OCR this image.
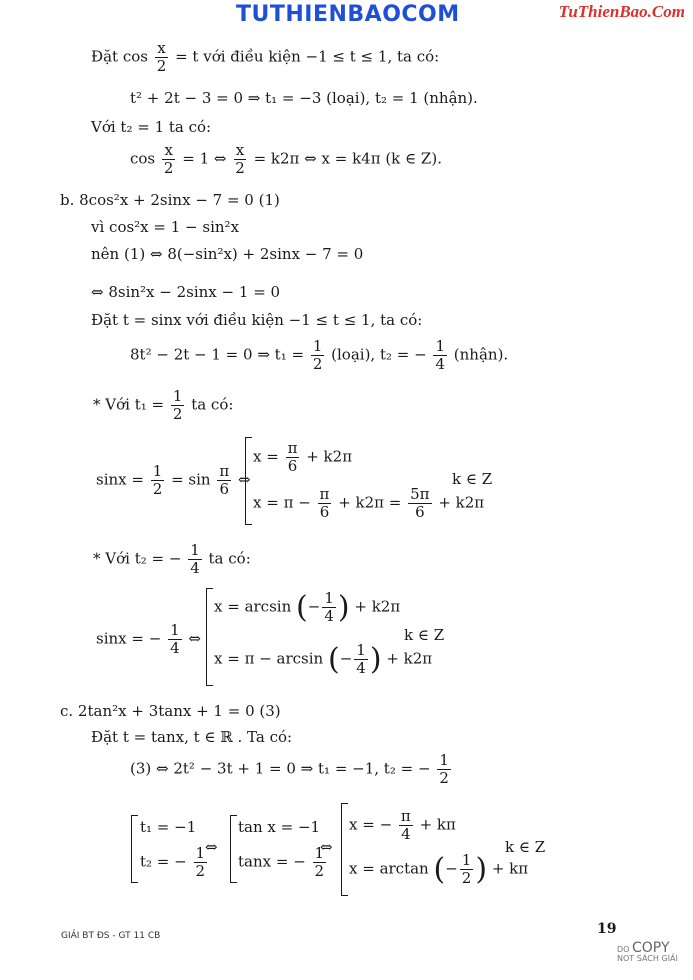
TUTHIENBAOCOM	TuThienBao.Com
Đặt $\cos \frac{x}{2} = t$ với điều kiện −1 ≤ t ≤ 1, ta có:
t² + 2t − 3 = 0 ⇒ t₁ = −3 (loại), t₂ = 1 (nhận).
Với t₂ = 1 ta có:
$\cos \frac{x}{2} = 1$ ⇔ $\frac{x}{2} = k2\pi$ ⇔ x = k4π (k ∈ Z).
b. 8cos²x + 2sinx − 7 = 0 (1)
vì cos²x = 1 − sin²x
nên (1) ⇔ 8(−sin²x) + 2sinx − 7 = 0
⇔ 8sin²x − 2sinx − 1 = 0
Đặt t = sinx với điều kiện −1 ≤ t ≤ 1, ta có:
8t² − 2t − 1 = 0 ⇒ $t_1 = \frac{1}{2}$ (loại), t₂ = − $\frac{1}{4}$ (nhận).
* Với $t_1 = \frac{1}{2}$ ta có:
$\sin x = \frac{1}{2} = \sin \frac{\pi}{6}$ ⇔
$x = \frac{\pi}{6} + k2\pi$
$x = \pi - \frac{\pi}{6} + k2\pi = \frac{5\pi}{6} + k2\pi$
k ∈ Z
* Với t₂ = − $\frac{1}{4}$ ta có:
sinx = − $\frac{1}{4}$ ⇔
x = arcsin (− $\frac{1}{4}$ ) + k2π
x = π − arcsin (− $\frac{1}{4}$ ) + k2π
k ∈ Z
c. 2tan²x + 3tanx + 1 = 0 (3)
Đặt t = tanx, t ∈ ℝ . Ta có:
(3) ⇔ 2t² − 3t + 1 = 0 ⇒ t₁ = −1, t₂ = − $\frac{1}{2}$
t₁ = −1
t₂ = − $\frac{1}{2}$
⇔
tan x = −1
tanx = − $\frac{1}{2}$
⇔
x = − $\frac{\pi}{4} + k\pi$
x = arctan (− $\frac{1}{2}$ ) + kπ
k ∈ Z
GIẢI BT ĐS - GT 11 CB	19
DO COPY
NOT SÁCH GIẢI
